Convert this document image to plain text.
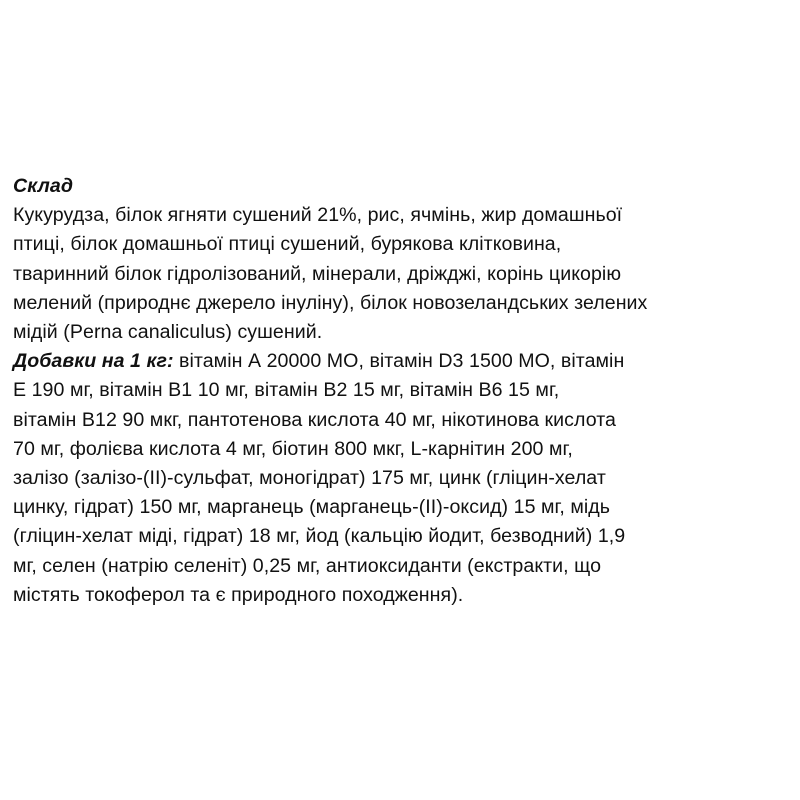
Склад
Кукурудза, білок ягняти сушений 21%, рис, ячмінь, жир домашньої
птиці, білок домашньої птиці сушений, бурякова клітковина,
тваринний білок гідролізований, мінерали, дріжджі, корінь цикорію
мелений (природнє джерело інуліну), білок новозеландських зелених
мідій (Perna canaliculus) сушений.
Добавки на 1 кг: вітамін А 20000 МО, вітамін D3 1500 МО, вітамін
Е 190 мг, вітамін В1 10 мг, вітамін В2 15 мг, вітамін В6 15 мг,
вітамін В12 90 мкг, пантотенова кислота 40 мг, нікотинова кислота
70 мг, фолієва кислота 4 мг, біотин 800 мкг, L-карнітин 200 мг,
залізо (залізо-(II)-сульфат, моногідрат) 175 мг, цинк (гліцин-хелат
цинку, гідрат) 150 мг, марганець (марганець-(II)-оксид) 15 мг, мідь
(гліцин-хелат міді, гідрат) 18 мг, йод (кальцію йодит, безводний) 1,9
мг, селен (натрію селеніт) 0,25 мг, антиоксиданти (екстракти, що
містять токоферол та є природного походження).
